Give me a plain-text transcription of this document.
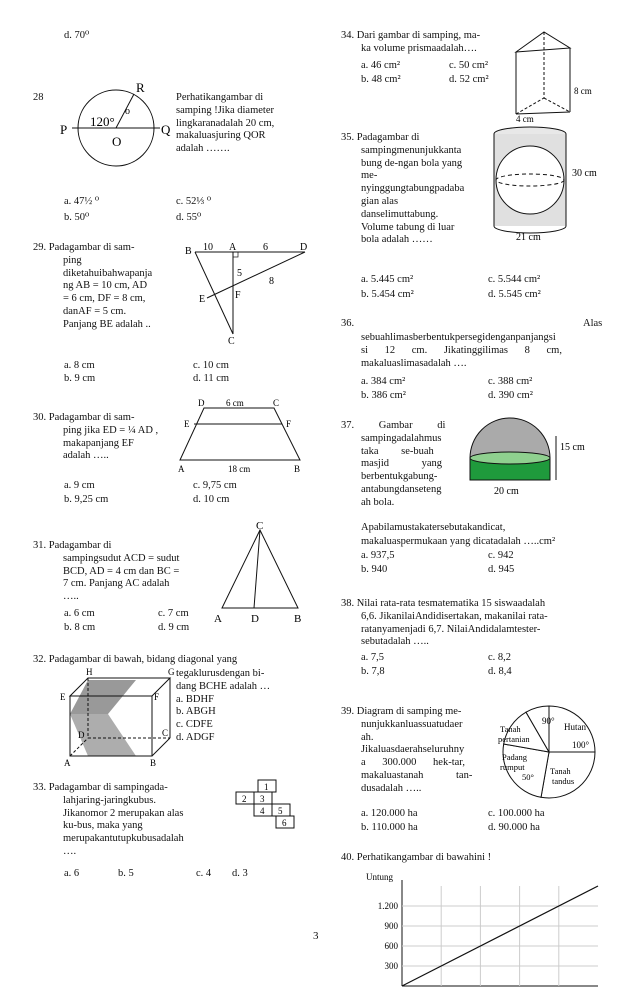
d. 70⁰
28
R
P	Q
O
120°
o
Perhatikangambar di
samping !Jika diameter
lingkaranadalah 20 cm,
makaluasjuring QOR
adalah …….
a. 47½ ⁰	c. 52⅓ ⁰
b. 50⁰	d. 55⁰
29. Padagambar di sam-
ping
diketahuibahwapanja
ng AB = 10 cm, AD
= 6 cm, DF = 8 cm,
danAF = 5 cm.
Panjang BE adalah ..
B 10 A	6	D
5
8
E	F
C
a. 8 cm	c. 10 cm
b. 9 cm	d. 11 cm
30. Padagambar di sam-
ping jika ED = ¼ AD ,
makapanjang EF
adalah …..
a. 9 cm	c. 9,75 cm
b. 9,25 cm	d. 10 cm
D 6 cm	C
E	F
A	18 cm	B
31. Padagambar di
sampingsudut ACD = sudut
BCD, AD = 4 cm dan BC =
7 cm. Panjang AC adalah
…..
a. 6 cm	c. 7 cm
b. 8 cm	d. 9 cm
C
A	D	B
32. Padagambar di bawah, bidang diagonal yang
tegaklurusdengan bi-
dang BCHE adalah …
a. BDHF
b. ABGH
c. CDFE
d. ADGF
H	G
E	F
D	C
A	B
33. Padagambar di sampingada-
lahjaring-jaringkubus.
Jikanomor 2 merupakan alas
ku-bus, maka yang
merupakantutupkubusadalah
….
a. 6	b. 5	c. 4 d. 3
1
2 3
4 5
6
34. Dari gambar di samping, ma-
ka volume prismaadalah….
a. 46 cm²	c. 50 cm²
b. 48 cm²	d. 52 cm²
8 cm
4 cm
35. Padagambar di
sampingmenunjukkanta
bung de-ngan bola yang
me-
nyinggungtabungpadaba
gian alas
danselimuttabung.
Volume tabung di luar
bola adalah ……
a. 5.445 cm²	c. 5.544 cm²
b. 5.454 cm²	d. 5.545 cm²
30 cm
21 cm
36.	Alas
sebuahlimasberbentukpersegidenganpanjangsi
si 12 cm. Jikatinggilimas 8 cm,
makaluaslimasadalah ….
a. 384 cm²	c. 388 cm²
b. 386 cm²	d. 390 cm²
37. Gambar di
sampingadalahmus
taka se-buah
masjid yang
berbentukgabung-
antabungdanseteng
ah bola.
Apabilamustakatersebutakandicat,
makaluaspermukaan yang dicatadalah …..cm²
a. 937,5	c. 942
b. 940	d. 945
15 cm
20 cm
38. Nilai rata-rata tesmatematika 15 siswaadalah
6,6. JikanilaiAndidisertakan, makanilai rata-
ratanyamenjadi 6,7. NilaiAndidalamtester-
sebutadalah …..
a. 7,5	c. 8,2
b. 7,8	d. 8,4
39. Diagram di samping me-
nunjukkanluassuatudaer
ah.
Jikaluasdaerahseluruhny
a 300.000 hek-tar,
makaluastanah tan-
dusadalah …..
a. 120.000 ha	c. 100.000 ha
b. 110.000 ha	d. 90.000 ha
90°
Hutan
100°
Tanah
pertanian
Padang
rumput
50°
Tanah
tandus
40. Perhatikangambar di bawahini !
Untung
1.200
900
600
300
3
